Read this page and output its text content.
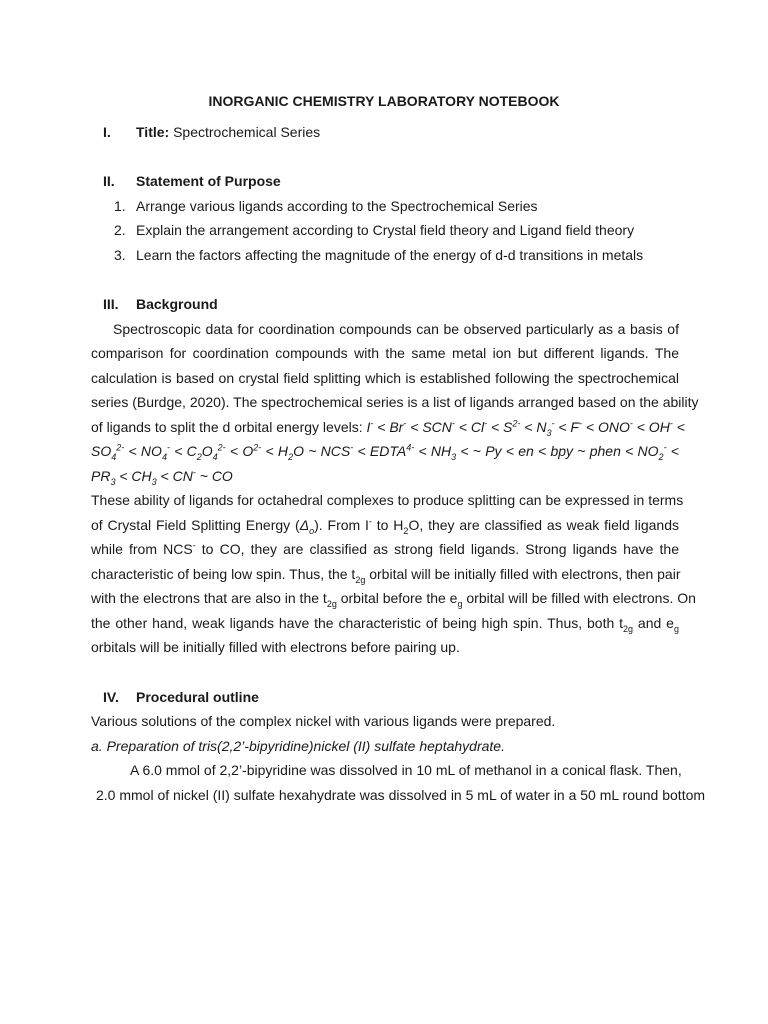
INORGANIC CHEMISTRY LABORATORY NOTEBOOK
I. Title: Spectrochemical Series
II. Statement of Purpose
1. Arrange various ligands according to the Spectrochemical Series
2. Explain the arrangement according to Crystal field theory and Ligand field theory
3. Learn the factors affecting the magnitude of the energy of d-d transitions in metals
III. Background
Spectroscopic data for coordination compounds can be observed particularly as a basis of
comparison for coordination compounds with the same metal ion but different ligands. The
calculation is based on crystal field splitting which is established following the spectrochemical
series (Burdge, 2020). The spectrochemical series is a list of ligands arranged based on the ability
of ligands to split the d orbital energy levels: $I^- < Br^- < SCN^- < Cl^- < S^{2-} < N_3^- < F^- < ONO^- < OH^-$ <
$SO_4^{2-} < NO_4^- < C_2O_4^{2-} < O^{2-} < H_2O$ ~ $NCS^- < EDTA^{4-} < NH_3$ < ~ Py < en < bpy ~ phen < $NO_2^-$ <
$PR_3 < CH_3 < CN^-$ ~ CO
These ability of ligands for octahedral complexes to produce splitting can be expressed in terms
of Crystal Field Splitting Energy $(\Delta_o)$. From I- to $H_2O$, they are classified as weak field ligands
while from NCS- to CO, they are classified as strong field ligands. Strong ligands have the
characteristic of being low spin. Thus, the $t_{2g}$ orbital will be initially filled with electrons, then pair
with the electrons that are also in the $t_{2g}$ orbital before the $e_g$ orbital will be filled with electrons. On
the other hand, weak ligands have the characteristic of being high spin. Thus, both $t_{2g}$ and $e_g$
orbitals will be initially filled with electrons before pairing up.
IV. Procedural outline
Various solutions of the complex nickel with various ligands were prepared.
a. Preparation of tris(2,2’-bipyridine)nickel (II) sulfate heptahydrate.
A 6.0 mmol of 2,2’-bipyridine was dissolved in 10 mL of methanol in a conical flask. Then,
2.0 mmol of nickel (II) sulfate hexahydrate was dissolved in 5 mL of water in a 50 mL round bottom
